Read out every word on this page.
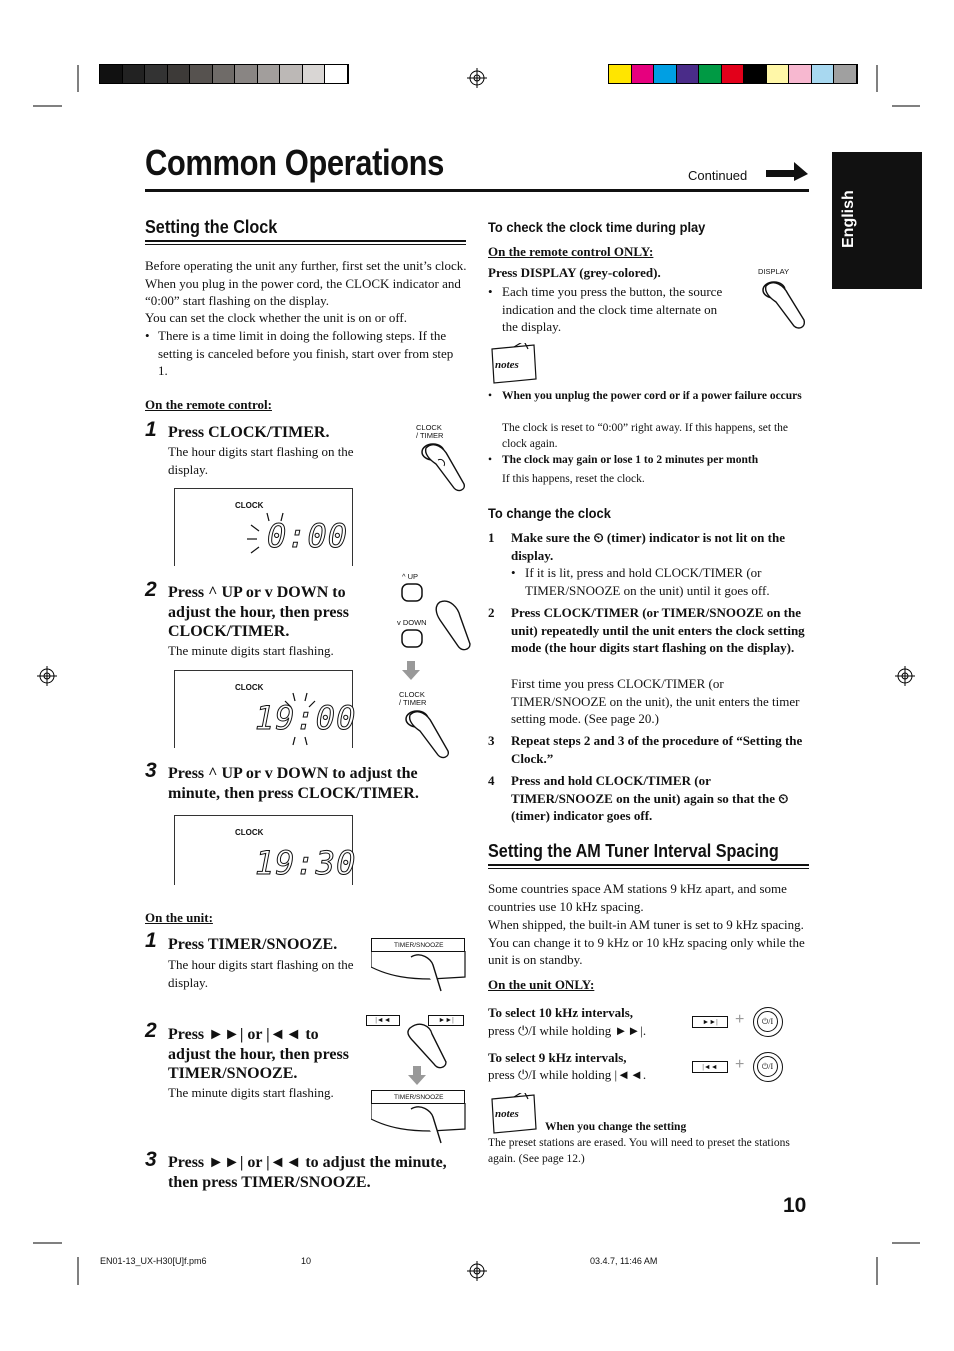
Common Operations	Continued
English
Setting the Clock
Before operating the unit any further, first set the unit’s clock. When you plug in the power cord, the CLOCK indicator and “0:00” start flashing on the display.
You can set the clock whether the unit is on or off.
• There is a time limit in doing the following steps. If the setting is canceled before you finish, start over from step 1.
On the remote control:
1 Press CLOCK/TIMER.
The hour digits start flashing on the display.
CLOCK
/ TIMER
CLOCK
0:00
2 Press ^ UP or v DOWN to adjust the hour, then press CLOCK/TIMER.
The minute digits start flashing.
^ UP
v DOWN
CLOCK
/ TIMER
CLOCK
19:00
3 Press ^ UP or v DOWN to adjust the minute, then press CLOCK/TIMER.
CLOCK
19:30
On the unit:
1 Press TIMER/SNOOZE.
The hour digits start flashing on the display.
TIMER/SNOOZE
2 Press ►►| or |◄◄ to adjust the hour, then press TIMER/SNOOZE.
The minute digits start flashing.
|◄◄	►►|
TIMER/SNOOZE
3 Press ►►| or |◄◄ to adjust the minute, then press TIMER/SNOOZE.
To check the clock time during play
On the remote control ONLY:
Press DISPLAY (grey-colored).
• Each time you press the button, the source indication and the clock time alternate on the display.
DISPLAY
notes
• When you unplug the power cord or if a power failure occurs
The clock is reset to “0:00” right away. If this happens, set the clock again.
• The clock may gain or lose 1 to 2 minutes per month
If this happens, reset the clock.
To change the clock
1 Make sure the ⏲ (timer) indicator is not lit on the display.
• If it is lit, press and hold CLOCK/TIMER (or TIMER/SNOOZE on the unit) until it goes off.
2 Press CLOCK/TIMER (or TIMER/SNOOZE on the unit) repeatedly until the unit enters the clock setting mode (the hour digits start flashing on the display).
First time you press CLOCK/TIMER (or TIMER/SNOOZE on the unit), the unit enters the timer setting mode. (See page 20.)
3 Repeat steps 2 and 3 of the procedure of “Setting the Clock.”
4 Press and hold CLOCK/TIMER (or TIMER/SNOOZE on the unit) again so that the ⏲ (timer) indicator goes off.
Setting the AM Tuner Interval Spacing
Some countries space AM stations 9 kHz apart, and some countries use 10 kHz spacing.
When shipped, the built-in AM tuner is set to 9 kHz spacing. You can change it to 9 kHz or 10 kHz spacing only while the unit is on standby.
On the unit ONLY:
To select 10 kHz intervals,
press ⏻/I while holding ►►|.
►►|	+	⏻/I
To select 9 kHz intervals,
press ⏻/I while holding |◄◄.	|◄◄	+	⏻/I
notes
When you change the setting
The preset stations are erased. You will need to preset the stations again. (See page 12.)
10
EN01-13_UX-H30[U]f.pm6	10	03.4.7, 11:46 AM
